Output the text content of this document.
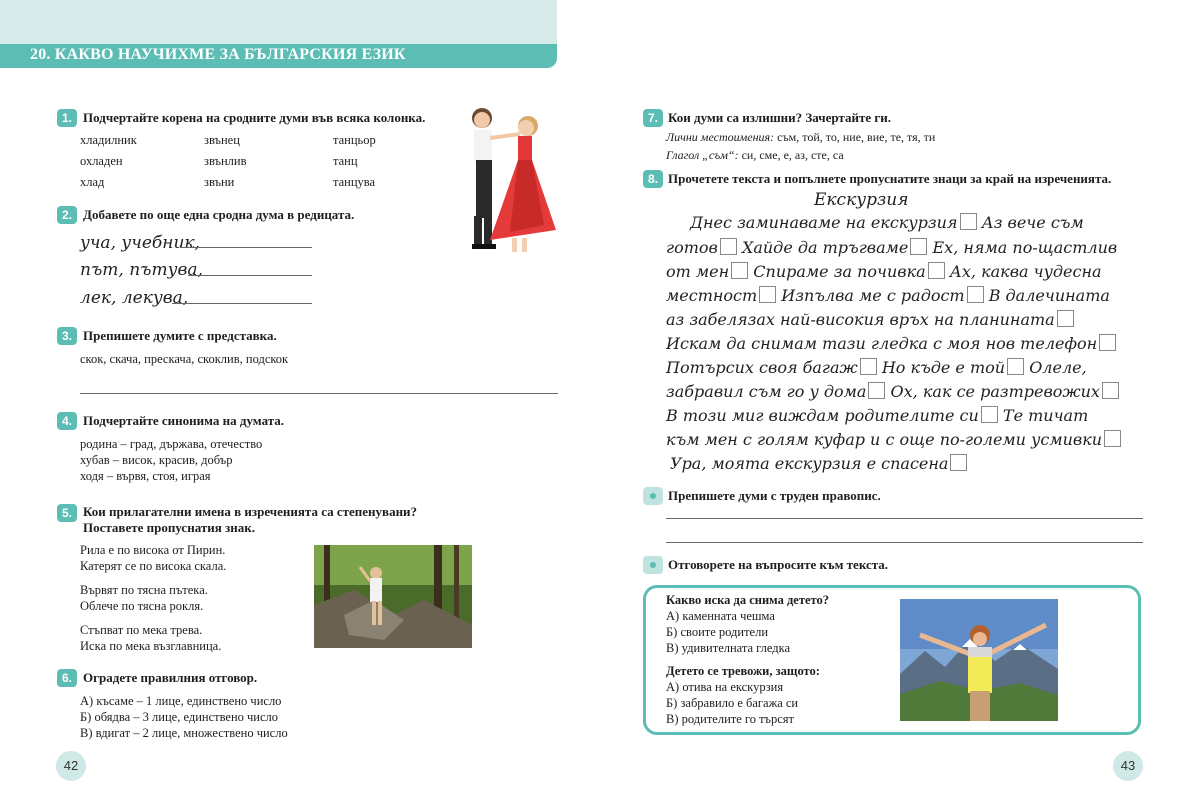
20. КАКВО НАУЧИХМЕ ЗА БЪЛГАРСКИЯ ЕЗИК
1. Подчертайте корена на сродните думи във всяка колонка.
хладилник
охладен
хлад
звънец
звънлив
звъни
танцьор
танц
танцува
2. Добавете по още една сродна дума в редицата.
уча, учебник,
път, пътува,
лек, лекува,
3. Препишете думите с представка.
скок, скача, прескача, скоклив, подскок
4. Подчертайте синонима на думата.
родина – град, държава, отечество
хубав – висок, красив, добър
ходя – вървя, стоя, играя
5. Кои прилагателни имена в изреченията са степенувани?
Поставете пропуснатия знак.
Рила е по висока от Пирин.
Катерят се по висока скала.
Вървят по тясна пътека.
Облече по тясна рокля.
Стъпват по мека трева.
Искa по мека възглавница.
6. Оградете правилния отговор.
А) късаме – 1 лице, единствено число
Б) обядва – 3 лице, единствено число
В) вдигат – 2 лице, множествено число
42
7. Кои думи са излишни? Зачертайте ги.
Лични местоимения: съм, той, то, ние, вие, те, тя, ти
Глагол „съм“: си, сме, е, аз, сте, са
8. Прочетете текста и попълнете пропуснатите знаци за край на изреченията.
Екскурзия
Днес заминаваме на екскурзия Аз вече съм
готов Хайде да тръгваме Ех, няма по-щастлив
от мен Спираме за почивка Ах, каква чудесна
местност Изпълва ме с радост В далечината
аз забелязах най-високия връх на планината
Искам да снимам тази гледка с моя нов телефон
Потърсих своя багаж Но къде е той Олеле,
забравил съм го у дома Ох, как се разтревожих
В този миг виждам родителите си Те тичат
към мен с голям куфар и с още по-големи усмивки
Ура, моята екскурзия е спасена
Препишете думи с труден правопис.
Отговорете на въпросите към текста.
Какво иска да снима детето?
А) каменната чешма
Б) своите родители
В) удивителната гледка
Детето се тревожи, защото:
А) отива на екскурзия
Б) забравило е багажа си
В) родителите го търсят
43
